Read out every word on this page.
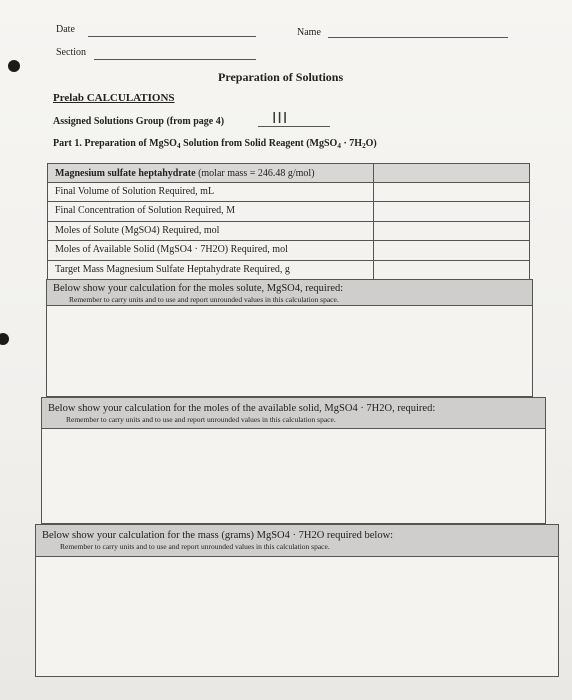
Date	Name
Section
Preparation of Solutions
Prelab CALCULATIONS
Assigned Solutions Group (from page 4)	III
Part 1. Preparation of MgSO$_4$ Solution from Solid Reagent (MgSO$_4$ · $7H_2O$)
Magnesium sulfate heptahydrate (molar mass = 246.48 g/mol)
Final Volume of Solution Required, mL
Final Concentration of Solution Required, M
Moles of Solute (MgSO4) Required, mol
Moles of Available Solid (MgSO4 · 7H2O) Required, mol
Target Mass Magnesium Sulfate Heptahydrate Required, g
Below show your calculation for the moles solute, MgSO4, required:
Remember to carry units and to use and report unrounded values in this calculation space.
Below show your calculation for the moles of the available solid, MgSO4 · 7H2O, required:
Remember to carry units and to use and report unrounded values in this calculation space.
Below show your calculation for the mass (grams) MgSO4 · 7H2O required below:
Remember to carry units and to use and report unrounded values in this calculation space.
